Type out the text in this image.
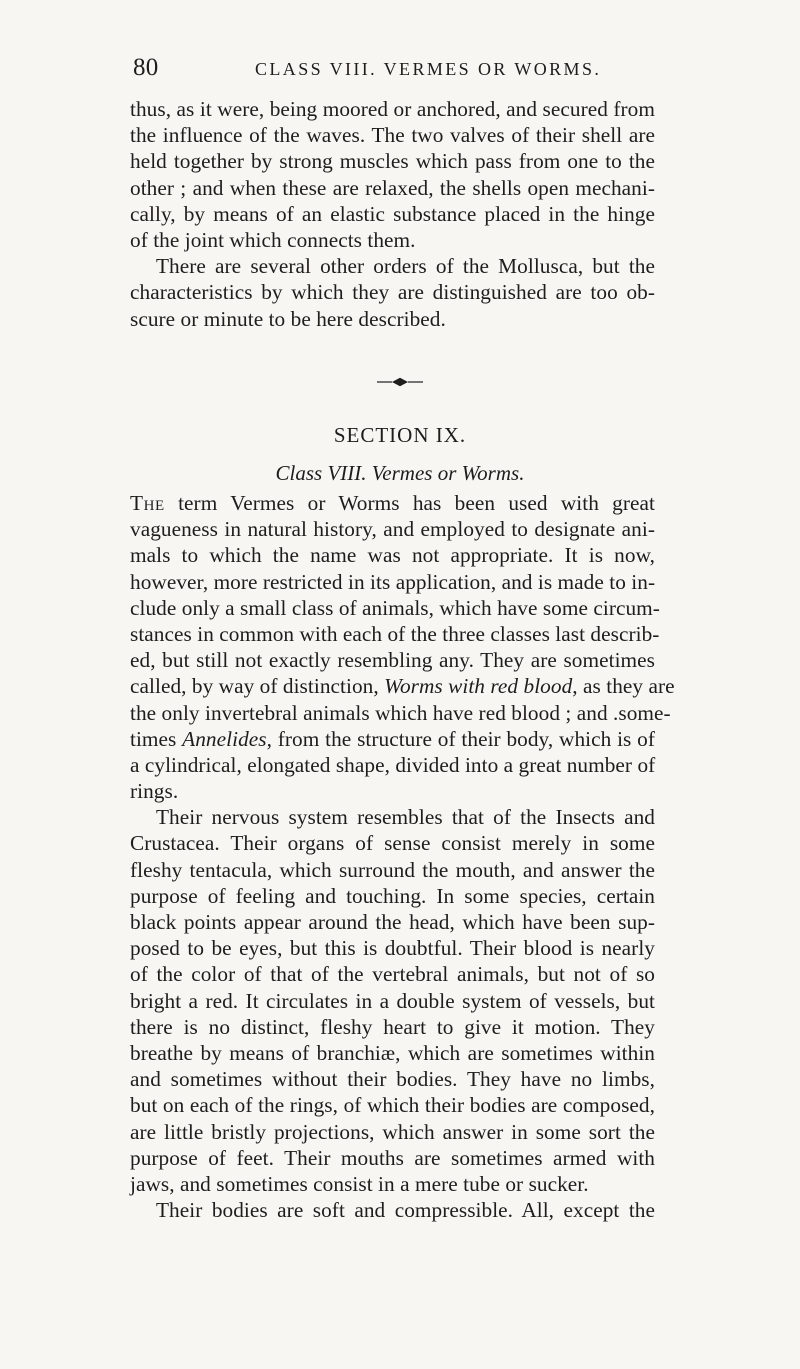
80	CLASS VIII. VERMES OR WORMS.
thus, as it were, being moored or anchored, and secured from
the influence of the waves. The two valves of their shell are
held together by strong muscles which pass from one to the
other ; and when these are relaxed, the shells open mechani-
cally, by means of an elastic substance placed in the hinge
of the joint which connects them.
There are several other orders of the Mollusca, but the
characteristics by which they are distinguished are too ob-
scure or minute to be here described.
SECTION IX.
Class VIII. Vermes or Worms.
The term Vermes or Worms has been used with great
vagueness in natural history, and employed to designate ani-
mals to which the name was not appropriate. It is now,
however, more restricted in its application, and is made to in-
clude only a small class of animals, which have some circum-
stances in common with each of the three classes last describ-
ed, but still not exactly resembling any. They are sometimes
called, by way of distinction, Worms with red blood, as they are
the only invertebral animals which have red blood ; and .some-
times Annelides, from the structure of their body, which is of
a cylindrical, elongated shape, divided into a great number of
rings.
Their nervous system resembles that of the Insects and
Crustacea. Their organs of sense consist merely in some
fleshy tentacula, which surround the mouth, and answer the
purpose of feeling and touching. In some species, certain
black points appear around the head, which have been sup-
posed to be eyes, but this is doubtful. Their blood is nearly
of the color of that of the vertebral animals, but not of so
bright a red. It circulates in a double system of vessels, but
there is no distinct, fleshy heart to give it motion. They
breathe by means of branchiæ, which are sometimes within
and sometimes without their bodies. They have no limbs,
but on each of the rings, of which their bodies are composed,
are little bristly projections, which answer in some sort the
purpose of feet. Their mouths are sometimes armed with
jaws, and sometimes consist in a mere tube or sucker.
Their bodies are soft and compressible. All, except the
